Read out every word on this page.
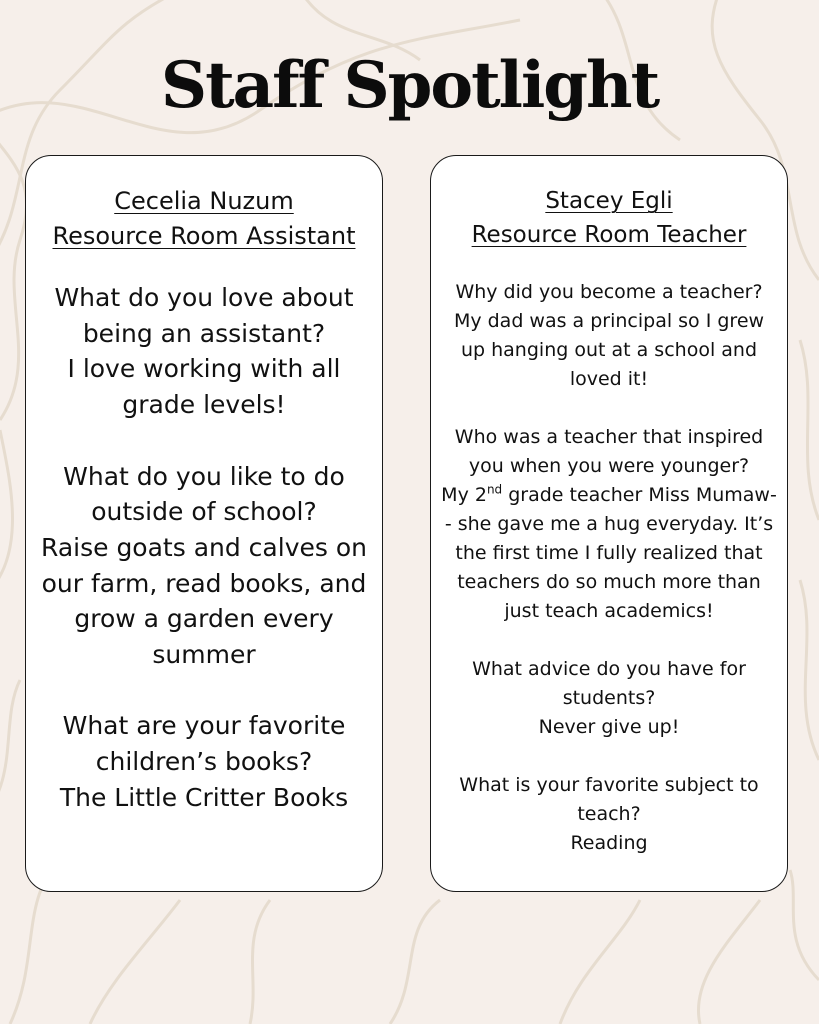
Staff Spotlight

Cecelia Nuzum

Resource Room Assistant

What do you love about being an assistant?

I love working with all grade levels!

What do you like to do outside of school?

Raise goats and calves on our farm, read books, and grow a garden every summer

What are your favorite children’s books?

The Little Critter Books

Stacey Egli

Resource Room Teacher

Why did you become a teacher?

My dad was a principal so I grew up hanging out at a school and loved it!

Who was a teacher that inspired you when you were younger?

My 2nd grade teacher Miss Mumaw-- she gave me a hug everyday. It’s the first time I fully realized that teachers do so much more than just teach academics!

What advice do you have for students?

Never give up!

What is your favorite subject to teach?

Reading
